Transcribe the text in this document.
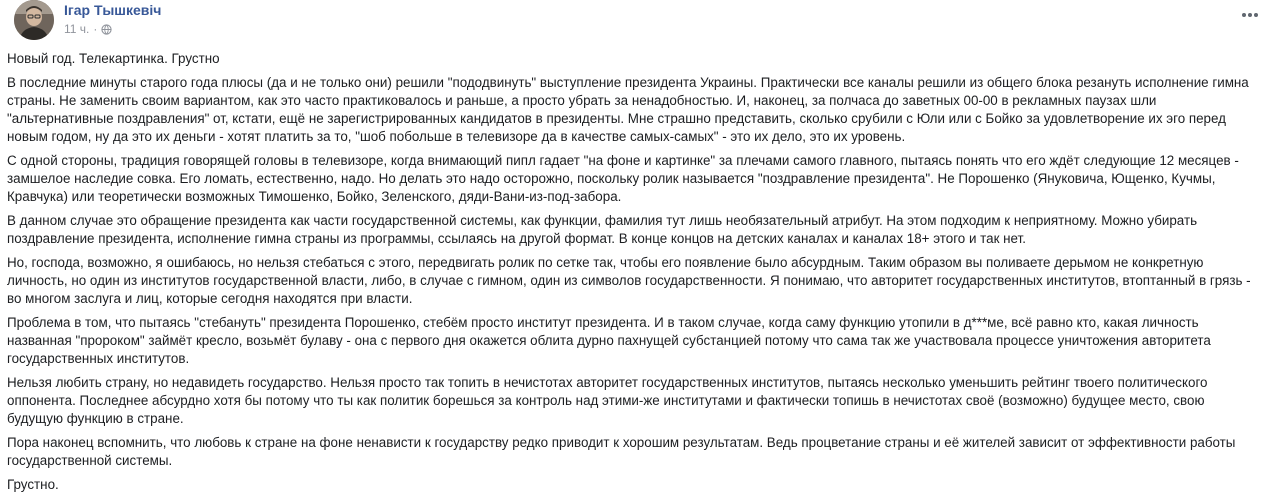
Ігар Тышкевіч
11 ч. ·

Новый год. Телекартинка. Грустно

В последние минуты старого года плюсы (да и не только они) решили "пододвинуть" выступление президента Украины. Практически все каналы решили из общего блока резануть исполнение гимна страны. Не заменить своим вариантом, как это часто практиковалось и раньше, а просто убрать за ненадобностью. И, наконец, за полчаса до заветных 00-00 в рекламных паузах шли "альтернативные поздравления" от, кстати, ещё не зарегистрированных кандидатов в президенты. Мне страшно представить, сколько срубили с Юли или с Бойко за удовлетворение их эго перед новым годом, ну да это их деньги - хотят платить за то, "шоб побольше в телевизоре да в качестве самых-самых" - это их дело, это их уровень.

С одной стороны, традиция говорящей головы в телевизоре, когда внимающий пипл гадает "на фоне и картинке" за плечами самого главного, пытаясь понять что его ждёт следующие 12 месяцев - замшелое наследие совка. Его ломать, естественно, надо. Но делать это надо осторожно, поскольку ролик называется "поздравление президента". Не Порошенко (Януковича, Ющенко, Кучмы, Кравчука) или теоретически возможных Тимошенко, Бойко, Зеленского, дяди-Вани-из-под-забора.

В данном случае это обращение президента как части государственной системы, как функции, фамилия тут лишь необязательный атрибут. На этом подходим к неприятному. Можно убирать поздравление президента, исполнение гимна страны из программы, ссылаясь на другой формат. В конце концов на детских каналах и каналах 18+ этого и так нет.

Но, господа, возможно, я ошибаюсь, но нельзя стебаться с этого, передвигать ролик по сетке так, чтобы его появление было абсурдным. Таким образом вы поливаете дерьмом не конкретную личность, но один из институтов государственной власти, либо, в случае с гимном, один из символов государственности. Я понимаю, что авторитет государственных институтов, втоптанный в грязь - во многом заслуга и лиц, которые сегодня находятся при власти.

Проблема в том, что пытаясь "стебануть" президента Порошенко, стебём просто институт президента. И в таком случае, когда саму функцию утопили в д***ме, всё равно кто, какая личность названная "пророком" займёт кресло, возьмёт булаву - она с первого дня окажется облита дурно пахнущей субстанцией потому что сама так же участвовала процессе уничтожения авторитета государственных институтов.

Нельзя любить страну, но недавидеть государство. Нельзя просто так топить в нечистотах авторитет государственных институтов, пытаясь несколько уменьшить рейтинг твоего политического оппонента. Последнее абсурдно хотя бы потому что ты как политик борешься за контроль над этими-же институтами и фактически топишь в нечистотах своё (возможно) будущее место, свою будущую функцию в стране.

Пора наконец вспомнить, что любовь к стране на фоне ненависти к государству редко приводит к хорошим результатам. Ведь процветание страны и её жителей зависит от эффективности работы государственной системы.

Грустно.
